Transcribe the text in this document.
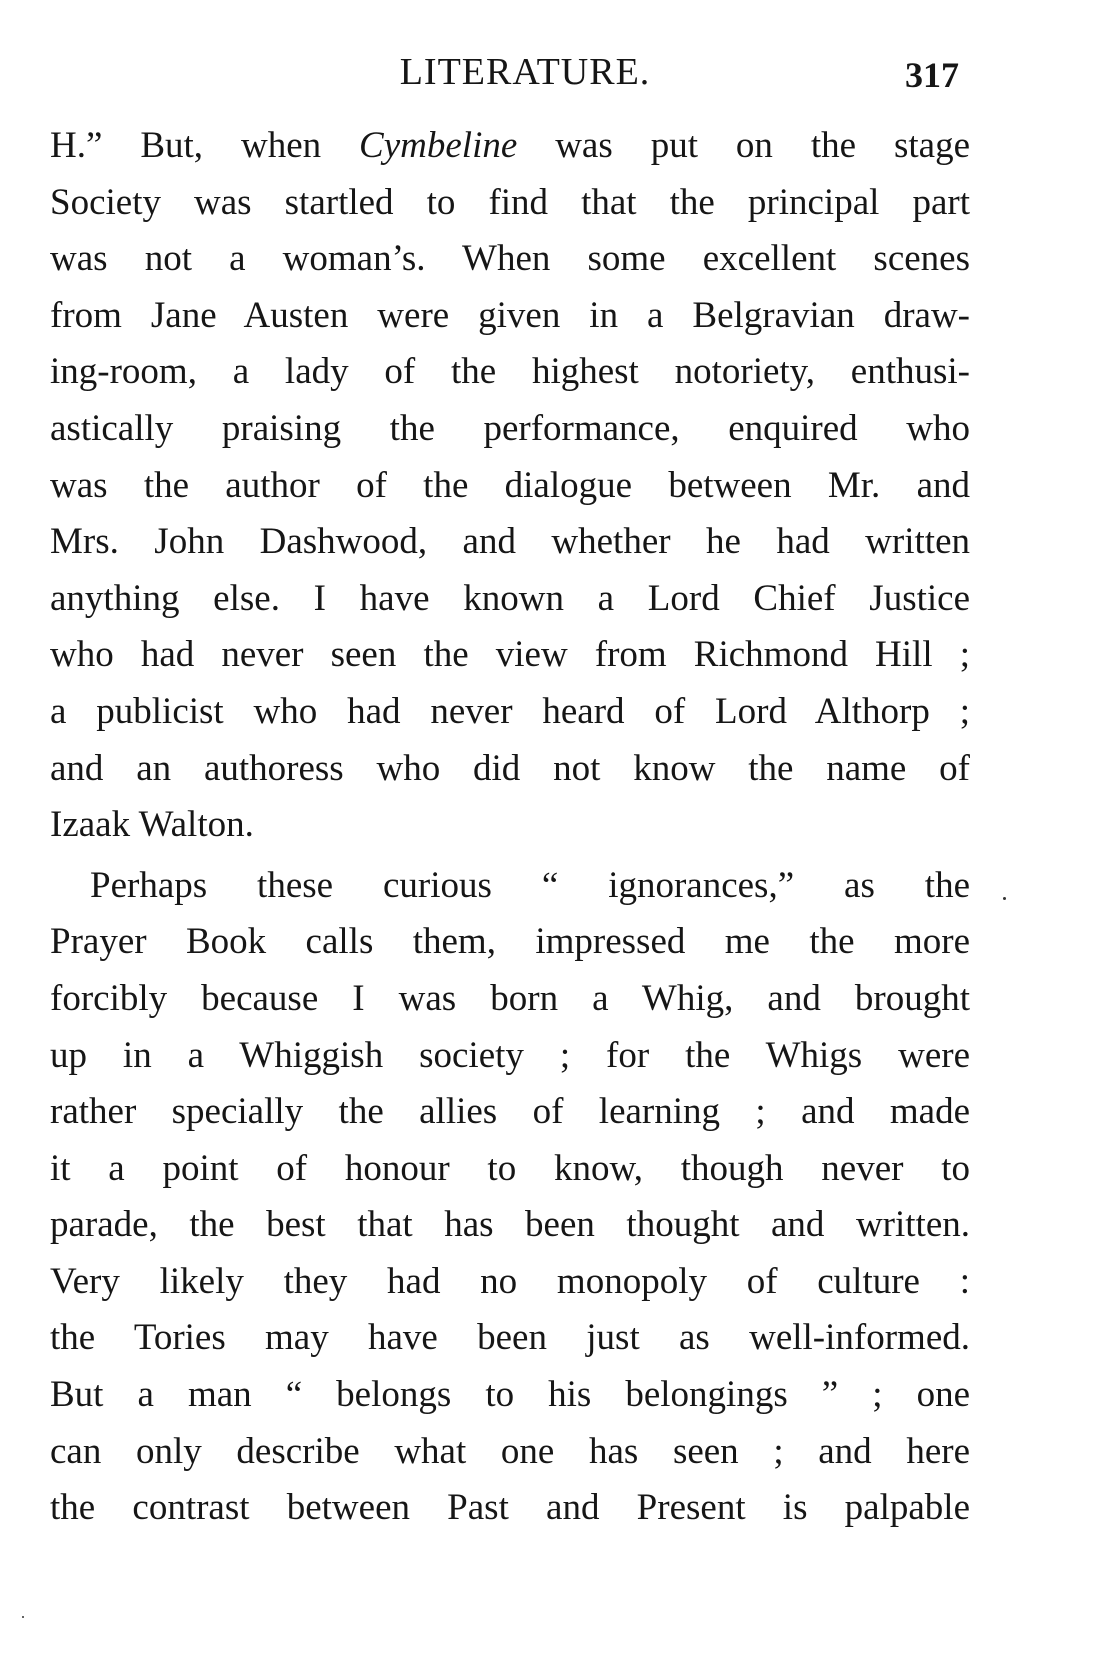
LITERATURE.	317
H.” But, when Cymbeline was put on the stage
Society was startled to find that the principal part
was not a woman’s. When some excellent scenes
from Jane Austen were given in a Belgravian draw-
ing-room, a lady of the highest notoriety, enthusi-
astically praising the performance, enquired who
was the author of the dialogue between Mr. and
Mrs. John Dashwood, and whether he had written
anything else. I have known a Lord Chief Justice
who had never seen the view from Richmond Hill ;
a publicist who had never heard of Lord Althorp ;
and an authoress who did not know the name of
Izaak Walton.
Perhaps these curious “ ignorances,” as the
Prayer Book calls them, impressed me the more
forcibly because I was born a Whig, and brought
up in a Whiggish society ; for the Whigs were
rather specially the allies of learning ; and made
it a point of honour to know, though never to
parade, the best that has been thought and written.
Very likely they had no monopoly of culture :
the Tories may have been just as well-informed.
But a man “ belongs to his belongings ” ; one
can only describe what one has seen ; and here
the contrast between Past and Present is palpable
